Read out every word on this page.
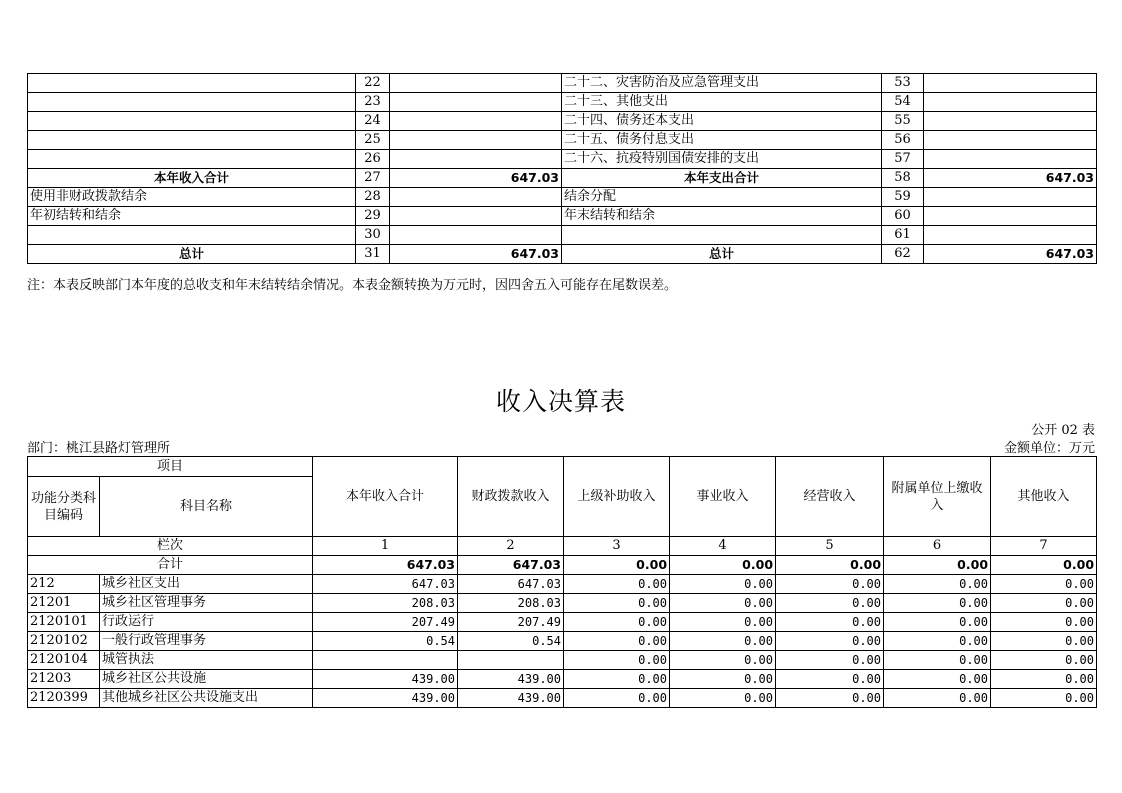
	22		二十二、灾害防治及应急管理支出	53	
	23		二十三、其他支出	54	
	24		二十四、债务还本支出	55	
	25		二十五、债务付息支出	56	
	26		二十六、抗疫特别国债安排的支出	57	
本年收入合计	27	647.03	本年支出合计	58	647.03
使用非财政拨款结余	28		结余分配	59	
年初结转和结余	29		年末结转和结余	60	
	30			61	
总计	31	647.03	总计	62	647.03
注：本表反映部门本年度的总收支和年末结转结余情况。本表金额转换为万元时，因四舍五入可能存在尾数误差。
收入决算表
公开 02 表
部门：桃江县路灯管理所	金额单位：万元
项目		本年收入合计	财政拨款收入	上级补助收入	事业收入	经营收入	附属单位上缴收入	其他收入
功能分类科目编码	科目名称							
栏次		1	2	3	4	5	6	7
合计		647.03	647.03	0.00	0.00	0.00	0.00	0.00
212	城乡社区支出	647.03	647.03	0.00	0.00	0.00	0.00	0.00
21201	城乡社区管理事务	208.03	208.03	0.00	0.00	0.00	0.00	0.00
2120101	行政运行	207.49	207.49	0.00	0.00	0.00	0.00	0.00
2120102	一般行政管理事务	0.54	0.54	0.00	0.00	0.00	0.00	0.00
2120104	城管执法			0.00	0.00	0.00	0.00	0.00
21203	城乡社区公共设施	439.00	439.00	0.00	0.00	0.00	0.00	0.00
2120399	其他城乡社区公共设施支出	439.00	439.00	0.00	0.00	0.00	0.00	0.00
